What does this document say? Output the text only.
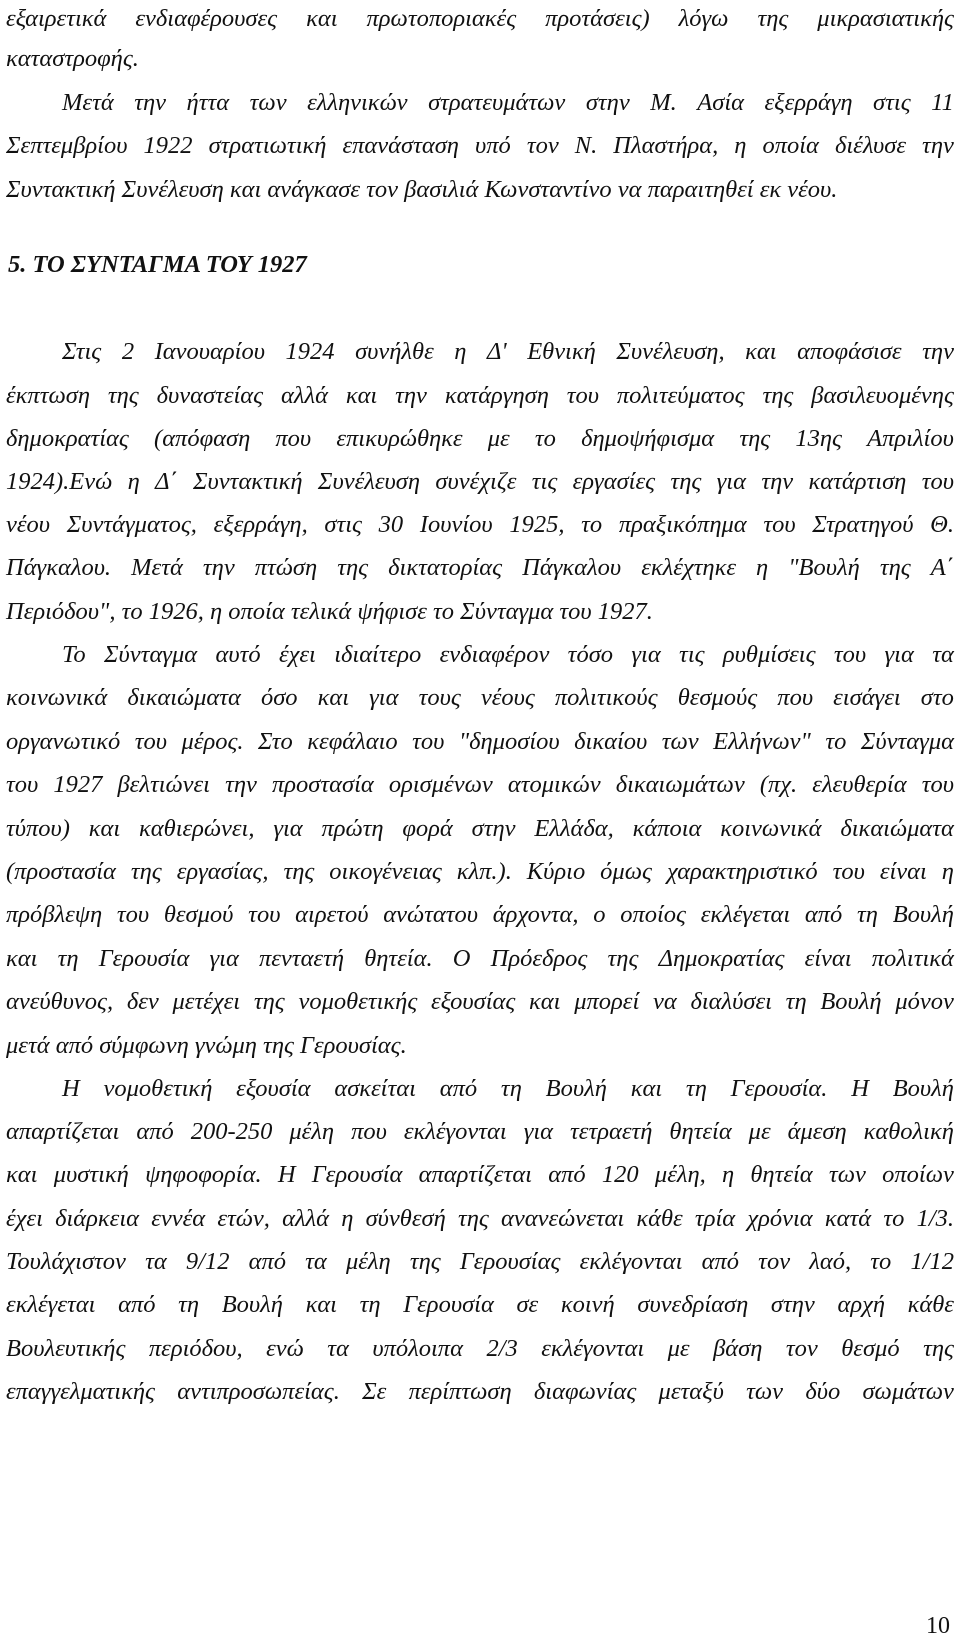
εξαιρετικά ενδιαφέρουσες και πρωτοποριακές προτάσεις) λόγω της μικρασιατικής
καταστροφής.
Μετά την ήττα των ελληνικών στρατευμάτων στην Μ. Ασία εξερράγη στις 11
Σεπτεμβρίου 1922 στρατιωτική επανάσταση υπό τον Ν. Πλαστήρα, η οποία διέλυσε την
Συντακτική Συνέλευση και ανάγκασε τον βασιλιά Κωνσταντίνο να παραιτηθεί εκ νέου.
5. ΤΟ ΣΥΝΤΑΓΜΑ ΤΟΥ 1927
Στις 2 Ιανουαρίου 1924 συνήλθε η Δ' Εθνική Συνέλευση, και αποφάσισε την
έκπτωση της δυναστείας αλλά και την κατάργηση του πολιτεύματος της βασιλευομένης
δημοκρατίας (απόφαση που επικυρώθηκε με το δημοψήφισμα της 13ης Απριλίου
1924).Ενώ η Δ΄ Συντακτική Συνέλευση συνέχιζε τις εργασίες της για την κατάρτιση του
νέου Συντάγματος, εξερράγη, στις 30 Ιουνίου 1925, το πραξικόπημα του Στρατηγού Θ.
Πάγκαλου. Μετά την πτώση της δικτατορίας Πάγκαλου εκλέχτηκε η "Βουλή της Α΄
Περιόδου", το 1926, η οποία τελικά ψήφισε το Σύνταγμα του 1927.
Το Σύνταγμα αυτό έχει ιδιαίτερο ενδιαφέρον τόσο για τις ρυθμίσεις του για τα
κοινωνικά δικαιώματα όσο και για τους νέους πολιτικούς θεσμούς που εισάγει στο
οργανωτικό του μέρος. Στο κεφάλαιο του "δημοσίου δικαίου των Ελλήνων" το Σύνταγμα
του 1927 βελτιώνει την προστασία ορισμένων ατομικών δικαιωμάτων (πχ. ελευθερία του
τύπου) και καθιερώνει, για πρώτη φορά στην Ελλάδα, κάποια κοινωνικά δικαιώματα
(προστασία της εργασίας, της οικογένειας κλπ.). Κύριο όμως χαρακτηριστικό του είναι η
πρόβλεψη του θεσμού του αιρετού ανώτατου άρχοντα, ο οποίος εκλέγεται από τη Βουλή
και τη Γερουσία για πενταετή θητεία. Ο Πρόεδρος της Δημοκρατίας είναι πολιτικά
ανεύθυνος, δεν μετέχει της νομοθετικής εξουσίας και μπορεί να διαλύσει τη Βουλή μόνον
μετά από σύμφωνη γνώμη της Γερουσίας.
Η νομοθετική εξουσία ασκείται από τη Βουλή και τη Γερουσία. Η Βουλή
απαρτίζεται από 200-250 μέλη που εκλέγονται για τετραετή θητεία με άμεση καθολική
και μυστική ψηφοφορία. Η Γερουσία απαρτίζεται από 120 μέλη, η θητεία των οποίων
έχει διάρκεια εννέα ετών, αλλά η σύνθεσή της ανανεώνεται κάθε τρία χρόνια κατά το 1/3.
Τουλάχιστον τα 9/12 από τα μέλη της Γερουσίας εκλέγονται από τον λαό, το 1/12
εκλέγεται από τη Βουλή και τη Γερουσία σε κοινή συνεδρίαση στην αρχή κάθε
Βουλευτικής περιόδου, ενώ τα υπόλοιπα 2/3 εκλέγονται με βάση τον θεσμό της
επαγγελματικής αντιπροσωπείας. Σε περίπτωση διαφωνίας μεταξύ των δύο σωμάτων
10
